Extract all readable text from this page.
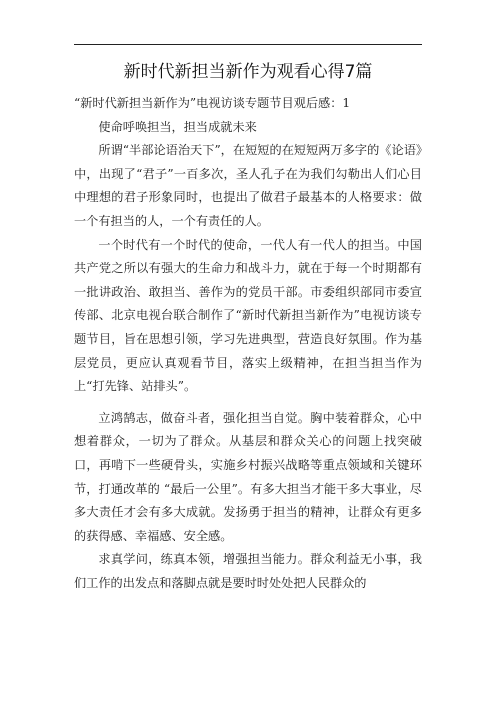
新时代新担当新作为观看心得7篇

“新时代新担当新作为”电视访谈专题节目观后感：1

使命呼唤担当，担当成就未来

所谓“半部论语治天下”，在短短的在短短两万多字的《论语》中，出现了“君子”一百多次，圣人孔子在为我们勾勒出人们心目中理想的君子形象同时，也提出了做君子最基本的人格要求：做一个有担当的人，一个有责任的人。

一个时代有一个时代的使命，一代人有一代人的担当。中国共产党之所以有强大的生命力和战斗力，就在于每一个时期都有一批讲政治、敢担当、善作为的党员干部。市委组织部同市委宣传部、北京电视台联合制作了“新时代新担当新作为”电视访谈专题节目，旨在思想引领，学习先进典型，营造良好氛围。作为基层党员，更应认真观看节目，落实上级精神，在担当担当作为上“打先锋、站排头”。

立鸿鹄志，做奋斗者，强化担当自觉。胸中装着群众，心中想着群众，一切为了群众。从基层和群众关心的问题上找突破口，再啃下一些硬骨头，实施乡村振兴战略等重点领域和关键环节，打通改革的 “最后一公里”。有多大担当才能干多大事业，尽多大责任才会有多大成就。发扬勇于担当的精神，让群众有更多的获得感、幸福感、安全感。

求真学问，练真本领，增强担当能力。群众利益无小事，我们工作的出发点和落脚点就是要时时处处把人民群众的
